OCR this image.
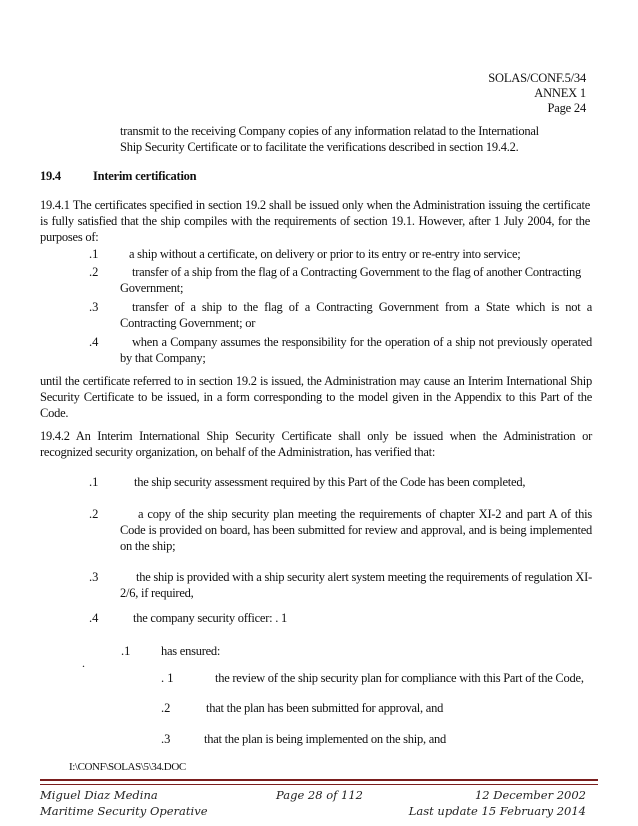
SOLAS/CONF.5/34
ANNEX 1
Page 24
transmit to the receiving Company copies of any information relatad to the International
Ship Security Certificate or to facilitate the verifications described in section 19.4.2.
19.4	Interim certification
19.4.1 The certificates specified in section 19.2 shall be issued only when the Administration issuing the certificate is fully satisfied that the ship compiles with the requirements of section 19.1. However, after 1 July 2004, for the purposes of:
.1 a ship without a certificate, on delivery or prior to its entry or re-entry into service;
.2	transfer of a ship from the flag of a Contracting Government to the flag of another Contracting Government;
.3	transfer of a ship to the flag of a Contracting Government from a State which is not a Contracting Government; or
.4	when a Company assumes the responsibility for the operation of a ship not previously operated by that Company;
until the certificate referred to in section 19.2 is issued, the Administration may cause an Interim International Ship Security Certificate to be issued, in a form corresponding to the model given in the Appendix to this Part of the Code.
19.4.2 An Interim International Ship Security Certificate shall only be issued when the Administration or recognized security organization, on behalf of the Administration, has verified that:
.1	the ship security assessment required by this Part of the Code has been completed,
.2	a copy of the ship security plan meeting the requirements of chapter XI-2 and part A of this Code is provided on board, has been submitted for review and approval, and is being implemented on the ship;
.3	the ship is provided with a ship security alert system meeting the requirements of regulation XI-2/6, if required,
.4	the company security officer: . 1
.1 has ensured:
.
. 1	the review of the ship security plan for compliance with this Part of the Code,
.2	that the plan has been submitted for approval, and
.3	that the plan is being implemented on the ship, and
I:\CONF\SOLAS\5\34.DOC
Miguel Diaz Medina
Maritime Security Operative
Page 28 of 112	12 December 2002
Last update 15 February 2014
